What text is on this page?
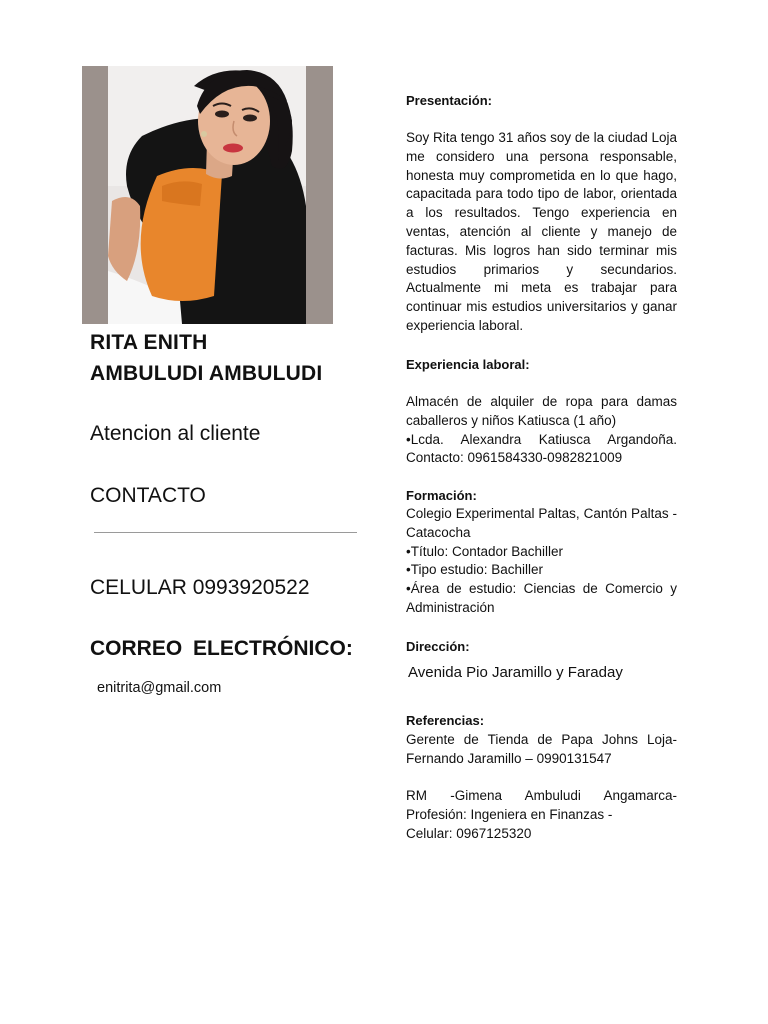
RITA ENITH
AMBULUDI AMBULUDI
Atencion al cliente
CONTACTO
CELULAR 0993920522
CORREO ELECTRÓNICO:
enitrita@gmail.com
Presentación:

Soy Rita tengo 31 años soy de la ciudad Loja me considero una persona responsable, honesta muy comprometida en lo que hago, capacitada para todo tipo de labor, orientada a los resultados. Tengo experiencia en ventas, atención al cliente y manejo de facturas. Mis logros han sido terminar mis estudios primarios y secundarios. Actualmente mi meta es trabajar para continuar mis estudios universitarios y ganar experiencia laboral.

Experiencia laboral:

Almacén de alquiler de ropa para damas caballeros y niños Katiusca (1 año)

•Lcda. Alexandra Katiusca Argandoña.

Contacto: 0961584330-0982821009

Formación:

Colegio Experimental Paltas, Cantón Paltas - Catacocha

•Título: Contador Bachiller

•Tipo estudio: Bachiller

•Área de estudio: Ciencias de Comercio y Administración

Dirección:
Avenida Pio Jaramillo y Faraday
Referencias:

Gerente de Tienda de Papa Johns Loja-Fernando Jaramillo – 0990131547

RM -Gimena Ambuludi Angamarca-

Profesión: Ingeniera en Finanzas -

Celular: 0967125320
